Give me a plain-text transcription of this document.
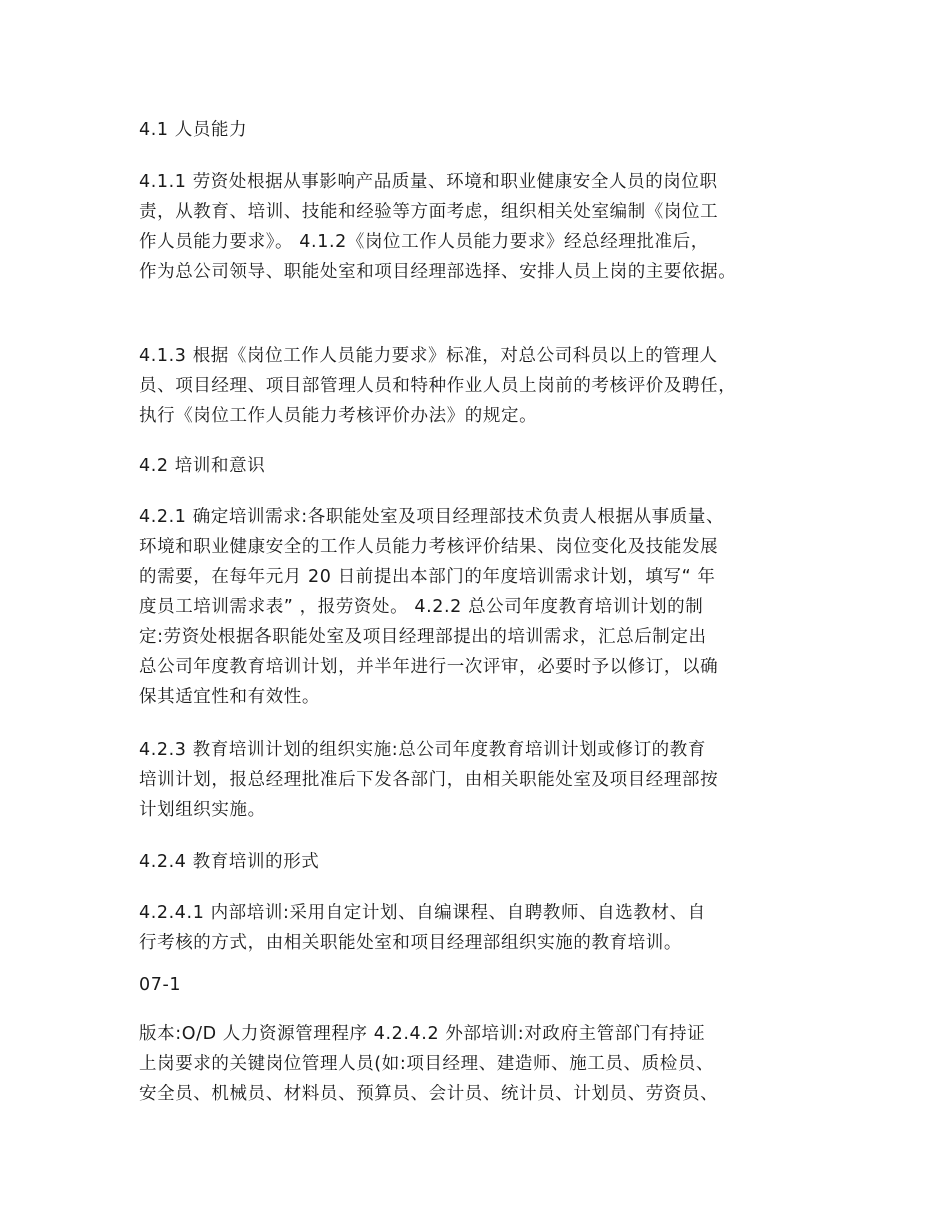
4.1 人员能力

4.1.1 劳资处根据从事影响产品质量、环境和职业健康安全人员的岗位职
责，从教育、培训、技能和经验等方面考虑，组织相关处室编制《岗位工
作人员能力要求》。 4.1.2《岗位工作人员能力要求》经总经理批准后，
作为总公司领导、职能处室和项目经理部选择、安排人员上岗的主要依据。

4.1.3 根据《岗位工作人员能力要求》标准，对总公司科员以上的管理人
员、项目经理、项目部管理人员和特种作业人员上岗前的考核评价及聘任，
执行《岗位工作人员能力考核评价办法》的规定。

4.2 培训和意识

4.2.1 确定培训需求:各职能处室及项目经理部技术负责人根据从事质量、
环境和职业健康安全的工作人员能力考核评价结果、岗位变化及技能发展
的需要，在每年元月 20 日前提出本部门的年度培训需求计划，填写“ 年
度员工培训需求表” ，报劳资处。 4.2.2 总公司年度教育培训计划的制
定:劳资处根据各职能处室及项目经理部提出的培训需求，汇总后制定出
总公司年度教育培训计划，并半年进行一次评审，必要时予以修订，以确
保其适宜性和有效性。

4.2.3 教育培训计划的组织实施:总公司年度教育培训计划或修订的教育
培训计划，报总经理批准后下发各部门，由相关职能处室及项目经理部按
计划组织实施。

4.2.4 教育培训的形式

4.2.4.1 内部培训:采用自定计划、自编课程、自聘教师、自选教材、自
行考核的方式，由相关职能处室和项目经理部组织实施的教育培训。

07-1

版本:O/D 人力资源管理程序 4.2.4.2 外部培训:对政府主管部门有持证
上岗要求的关键岗位管理人员(如:项目经理、建造师、施工员、质检员、
安全员、机械员、材料员、预算员、会计员、统计员、计划员、劳资员、
